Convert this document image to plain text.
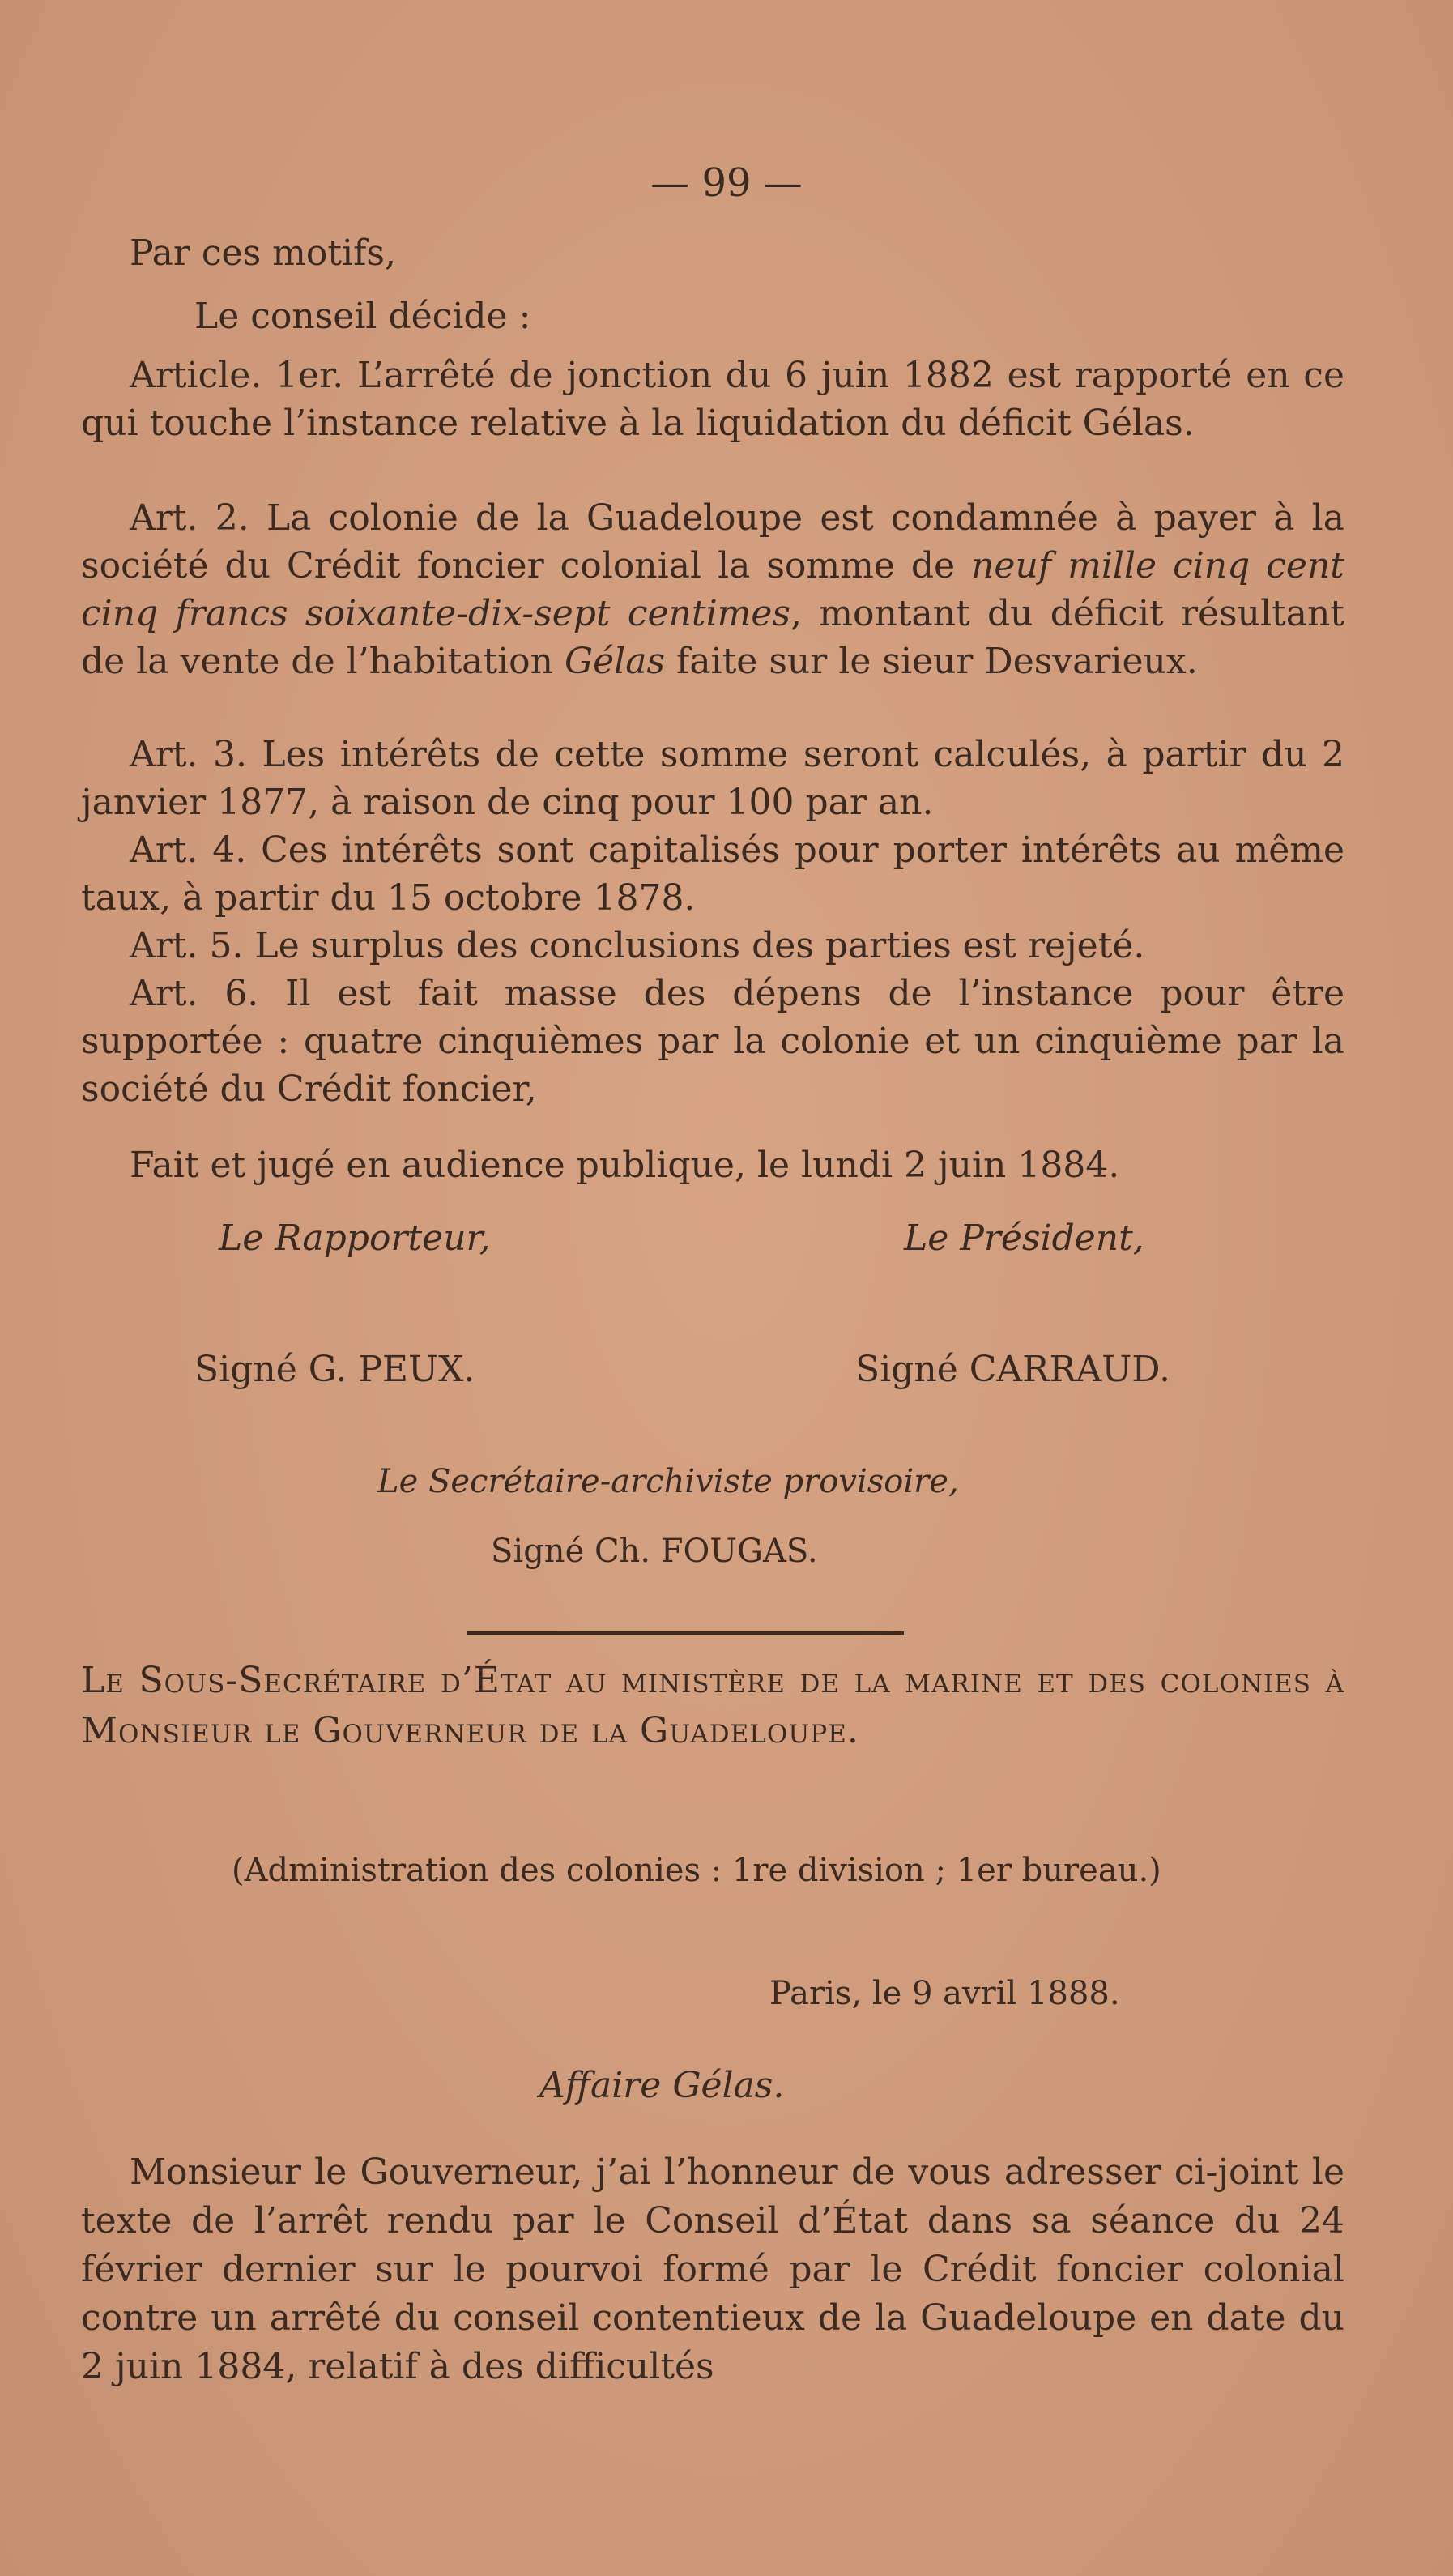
— 99 —
Par ces motifs,
Le conseil décide :

Article. 1er. L’arrêté de jonction du 6 juin 1882 est rapporté en ce qui touche l’instance relative à la liquidation du déficit Gélas.

Art. 2. La colonie de la Guadeloupe est condamnée à payer à la société du Crédit foncier colonial la somme de neuf mille cinq cent cinq francs soixante-dix-sept centimes, montant du déficit résultant de la vente de l’habitation Gélas faite sur le sieur Desvarieux.

Art. 3. Les intérêts de cette somme seront calculés, à partir du 2 janvier 1877, à raison de cinq pour 100 par an.

Art. 4. Ces intérêts sont capitalisés pour porter intérêts au même taux, à partir du 15 octobre 1878.

Art. 5. Le surplus des conclusions des parties est rejeté.

Art. 6. Il est fait masse des dépens de l’instance pour être supportée : quatre cinquièmes par la colonie et un cinquième par la société du Crédit foncier,

Fait et jugé en audience publique, le lundi 2 juin 1884.
Le Rapporteur,
Signé G. PEUX.
Le Président,
Signé CARRAUD.
Le Secrétaire-archiviste provisoire,
Signé Ch. FOUGAS.

Le Sous-Secrétaire d’État au ministère de la marine et des colonies à Monsieur le Gouverneur de la Guadeloupe.

(Administration des colonies : 1re division ; 1er bureau.)
Paris, le 9 avril 1888.
Affaire Gélas.

Monsieur le Gouverneur, j’ai l’honneur de vous adresser ci-joint le texte de l’arrêt rendu par le Conseil d’État dans sa séance du 24 février dernier sur le pourvoi formé par le Crédit foncier colonial contre un arrêté du conseil contentieux de la Guadeloupe en date du 2 juin 1884, relatif à des difficultés
